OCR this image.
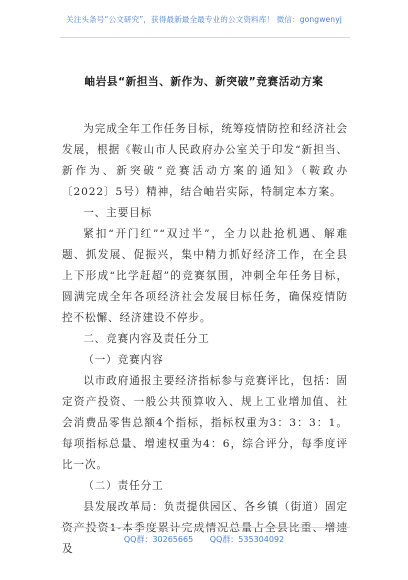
关注头条号“公文研究”，获得最新最全最专业的公文资料库！ 微信：gongwenyj
岫岩县“新担当、新作为、新突破”竞赛活动方案

为完成全年工作任务目标，统筹疫情防控和经济社会发展，根据《鞍山市人民政府办公室关于印发“新担当、新作为、新突破”竞赛活动方案的通知》（鞍政办〔2022〕5号）精神，结合岫岩实际，特制定本方案。

一、主要目标

紧扣“开门红”“双过半”，全力以赴抢机遇、解难题、抓发展、促振兴，集中精力抓好经济工作，在全县上下形成“比学赶超”的竞赛氛围，冲刺全年任务目标，圆满完成全年各项经济社会发展目标任务，确保疫情防控不松懈、经济建设不停步。

二、竞赛内容及责任分工

（一）竞赛内容

以市政府通报主要经济指标参与竞赛评比，包括：固定资产投资、一般公共预算收入、规上工业增加值、社会消费品零售总额4个指标，指标权重为3：3：3：1。每项指标总量、增速权重为4：6，综合评分，每季度评比一次。

（二）责任分工

县发展改革局：负责提供园区、各乡镇（街道）固定资产投资1-本季度累计完成情况总量占全县比重、增速及

QQ群：30265665 QQ群：535304092
